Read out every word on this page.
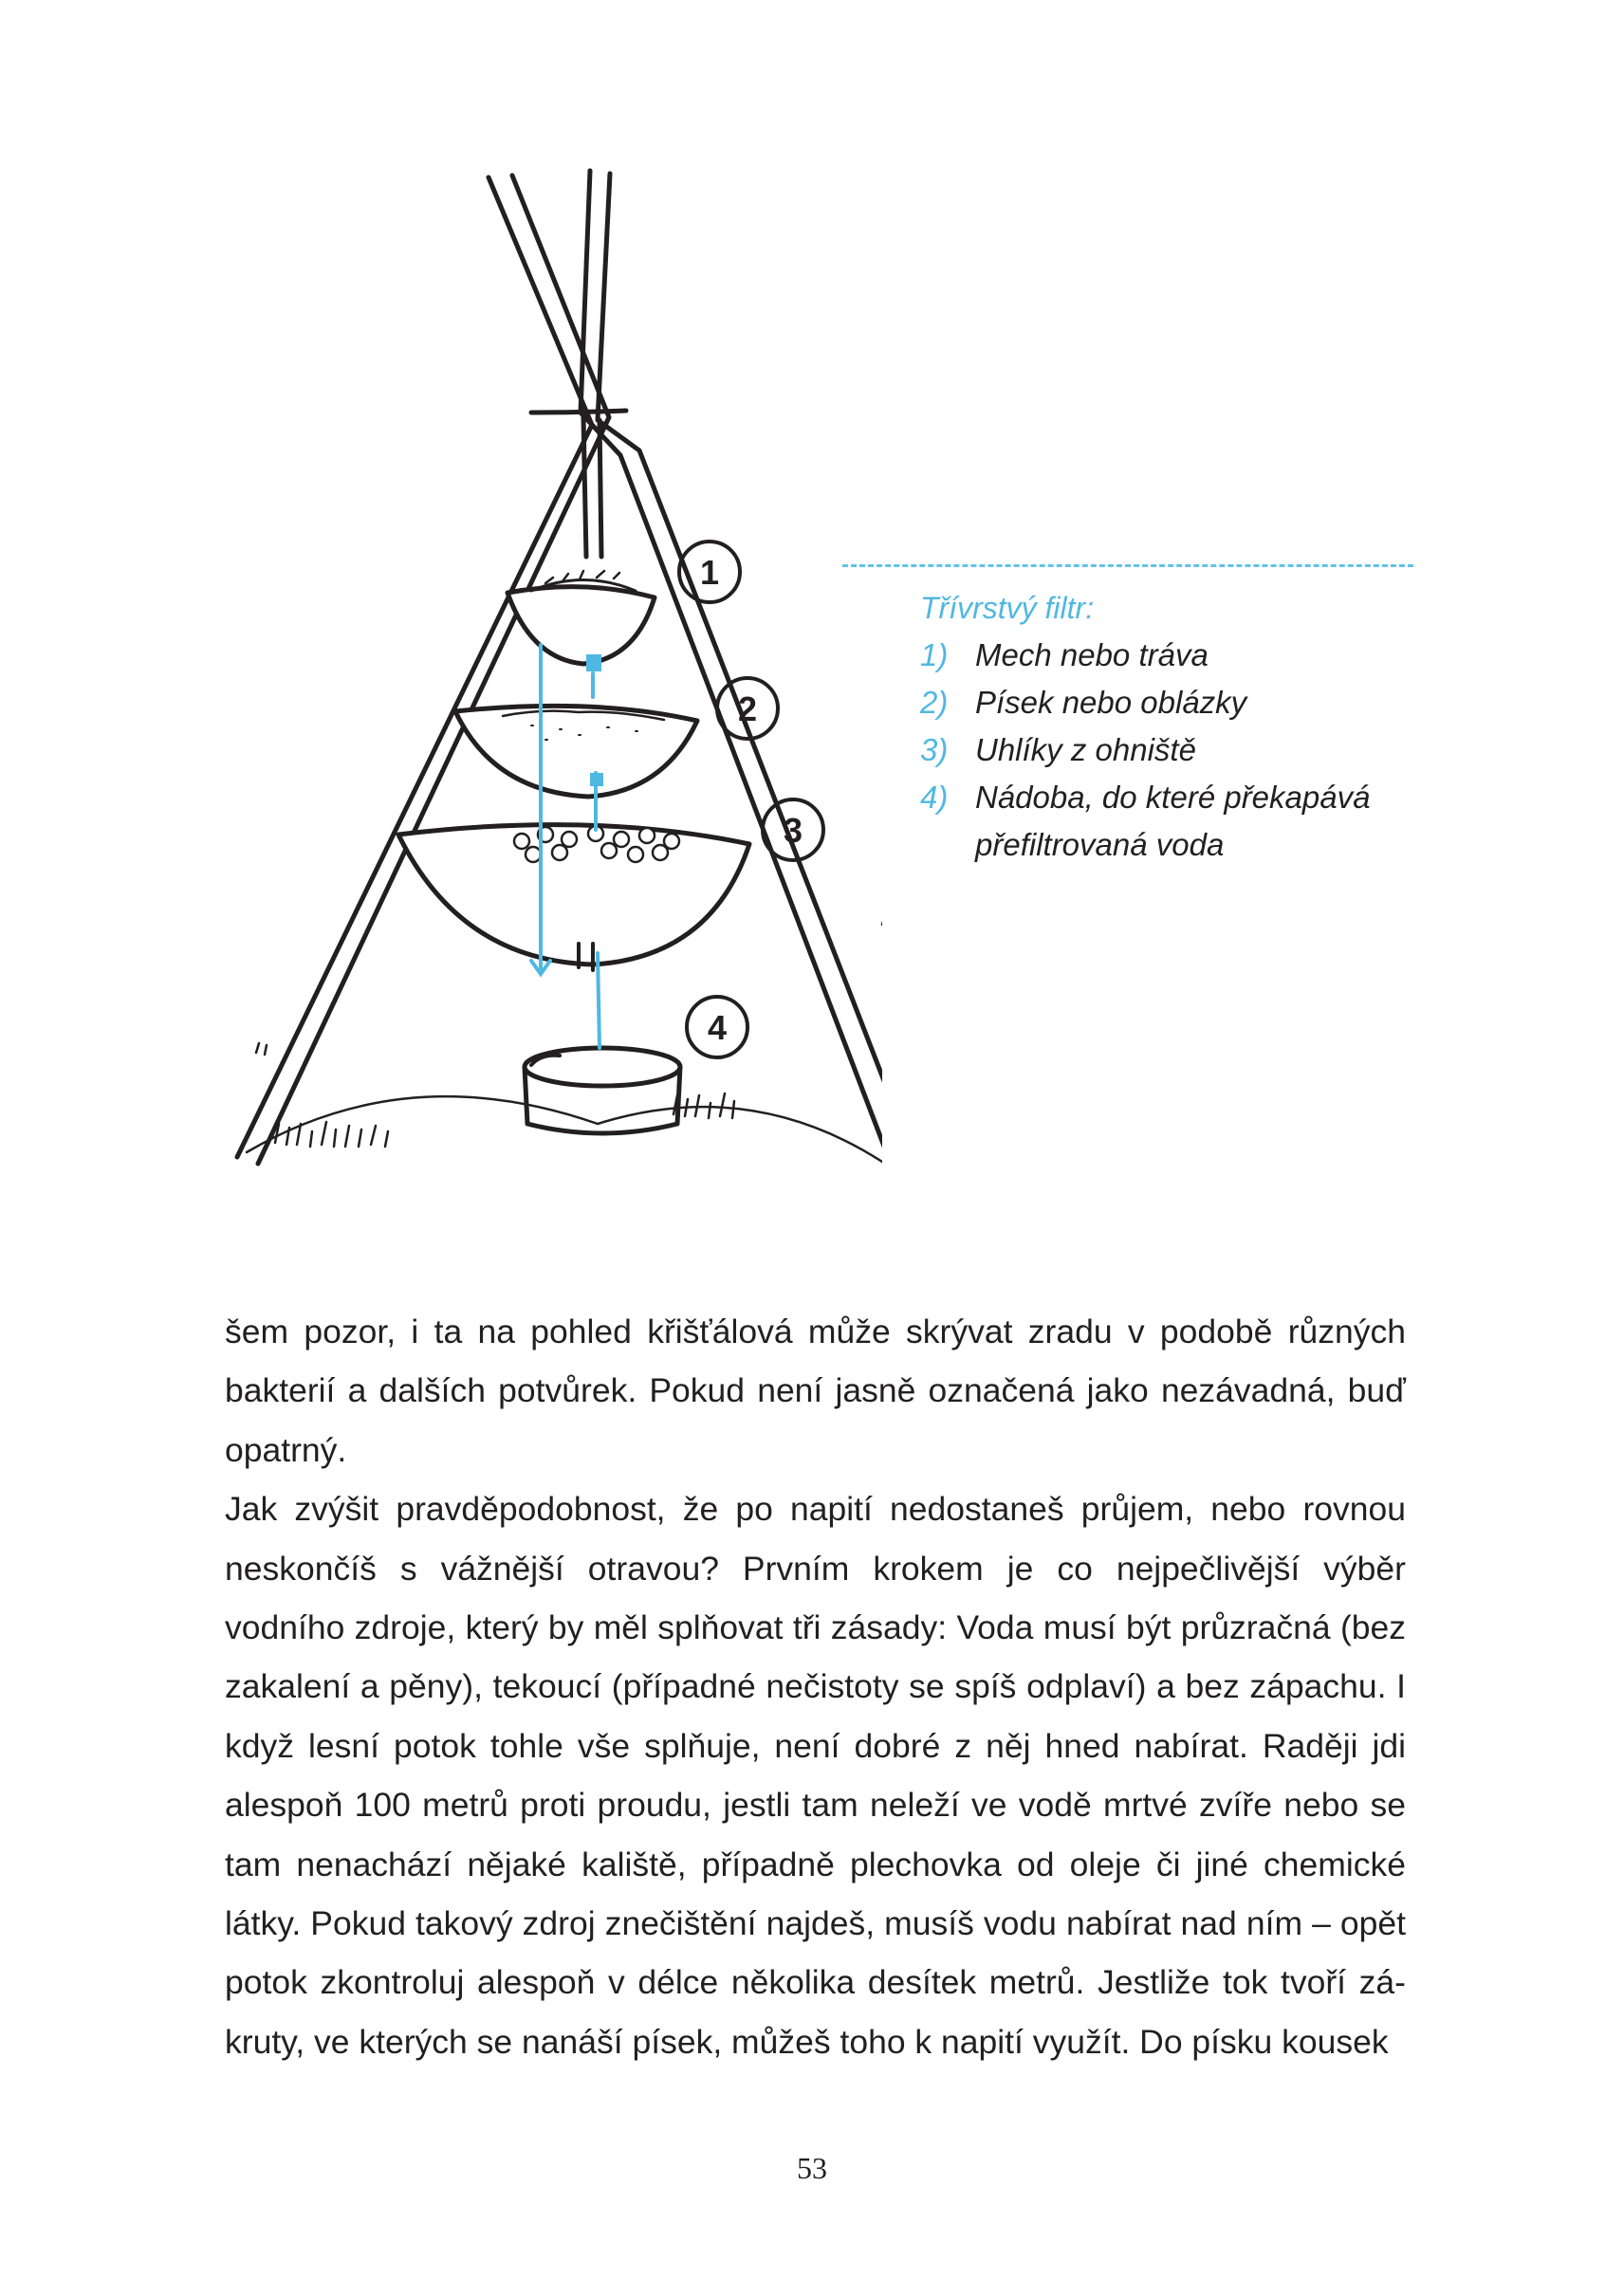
1
2
3
4
Třívrstvý filtr:
1) Mech nebo tráva
2) Písek nebo oblázky
3) Uhlíky z ohniště
4) Nádoba, do které překapává přefiltrovaná voda

šem pozor, i ta na pohled křišťálová může skrývat zradu v podobě různých bakterií a dalších potvůrek. Pokud není jasně označená jako nezávadná, buď opatrný.

Jak zvýšit pravděpodobnost, že po napití nedostaneš průjem, nebo rovnou neskončíš s vážnější otravou? Prvním krokem je co nejpečlivější výběr vodního zdroje, který by měl splňovat tři zásady: Voda musí být průzračná (bez zakalení a pěny), tekoucí (případné nečistoty se spíš odplaví) a bez zápachu. I když lesní potok tohle vše splňuje, není dobré z něj hned nabírat. Raději jdi alespoň 100 metrů proti proudu, jestli tam neleží ve vodě mrtvé zvíře nebo se tam nenachází nějaké kaliště, případně plechovka od oleje či jiné chemické látky. Pokud takový zdroj znečištění najdeš, musíš vodu nabírat nad ním – opět potok zkontroluj alespoň v délce několika desítek metrů. Jestliže tok tvoří zákruty, ve kterých se nanáší písek, můžeš toho k napití využít. Do písku kousek

53
